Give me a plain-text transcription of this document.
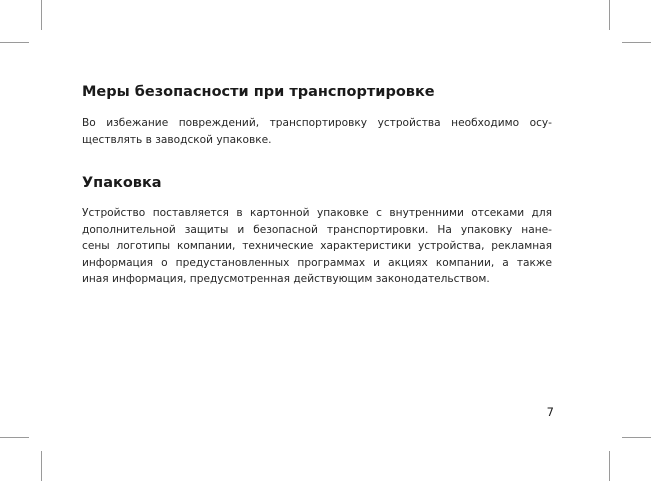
Меры безопасности при транспортировке

Во избежание повреждений, транспортировку устройства необходимо осу-
ществлять в заводской упаковке.

Упаковка

Устройство поставляется в картонной упаковке с внутренними отсеками для
дополнительной защиты и безопасной транспортировки. На упаковку нане-
сены логотипы компании, технические характеристики устройства, рекламная
информация о предустановленных программах и акциях компании, а также
иная информация, предусмотренная действующим законодательством.

7
